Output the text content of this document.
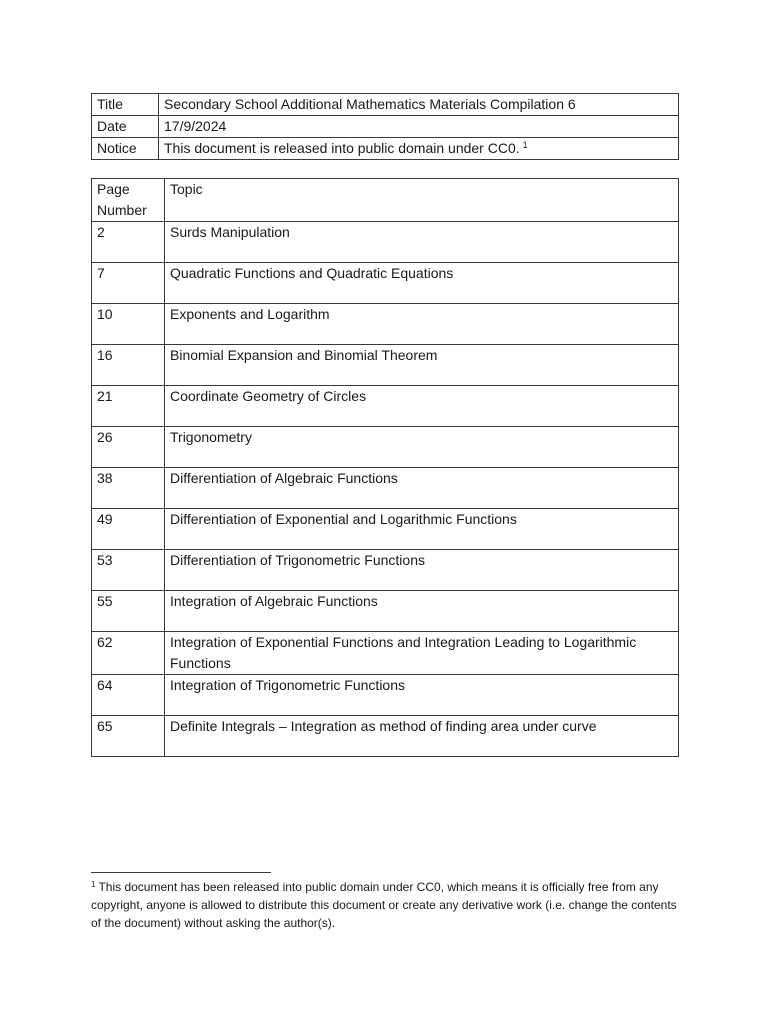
Title	Secondary School Additional Mathematics Materials Compilation 6
Date	17/9/2024
Notice	This document is released into public domain under CC0. $^1$
Page Number	Topic
2	Surds Manipulation
7	Quadratic Functions and Quadratic Equations
10	Exponents and Logarithm
16	Binomial Expansion and Binomial Theorem
21	Coordinate Geometry of Circles
26	Trigonometry
38	Differentiation of Algebraic Functions
49	Differentiation of Exponential and Logarithmic Functions
53	Differentiation of Trigonometric Functions
55	Integration of Algebraic Functions
62	Integration of Exponential Functions and Integration Leading to Logarithmic Functions
64	Integration of Trigonometric Functions
65	Definite Integrals – Integration as method of finding area under curve
$^1$ This document has been released into public domain under CC0, which means it is officially free from any copyright, anyone is allowed to distribute this document or create any derivative work (i.e. change the contents of the document) without asking the author(s).
